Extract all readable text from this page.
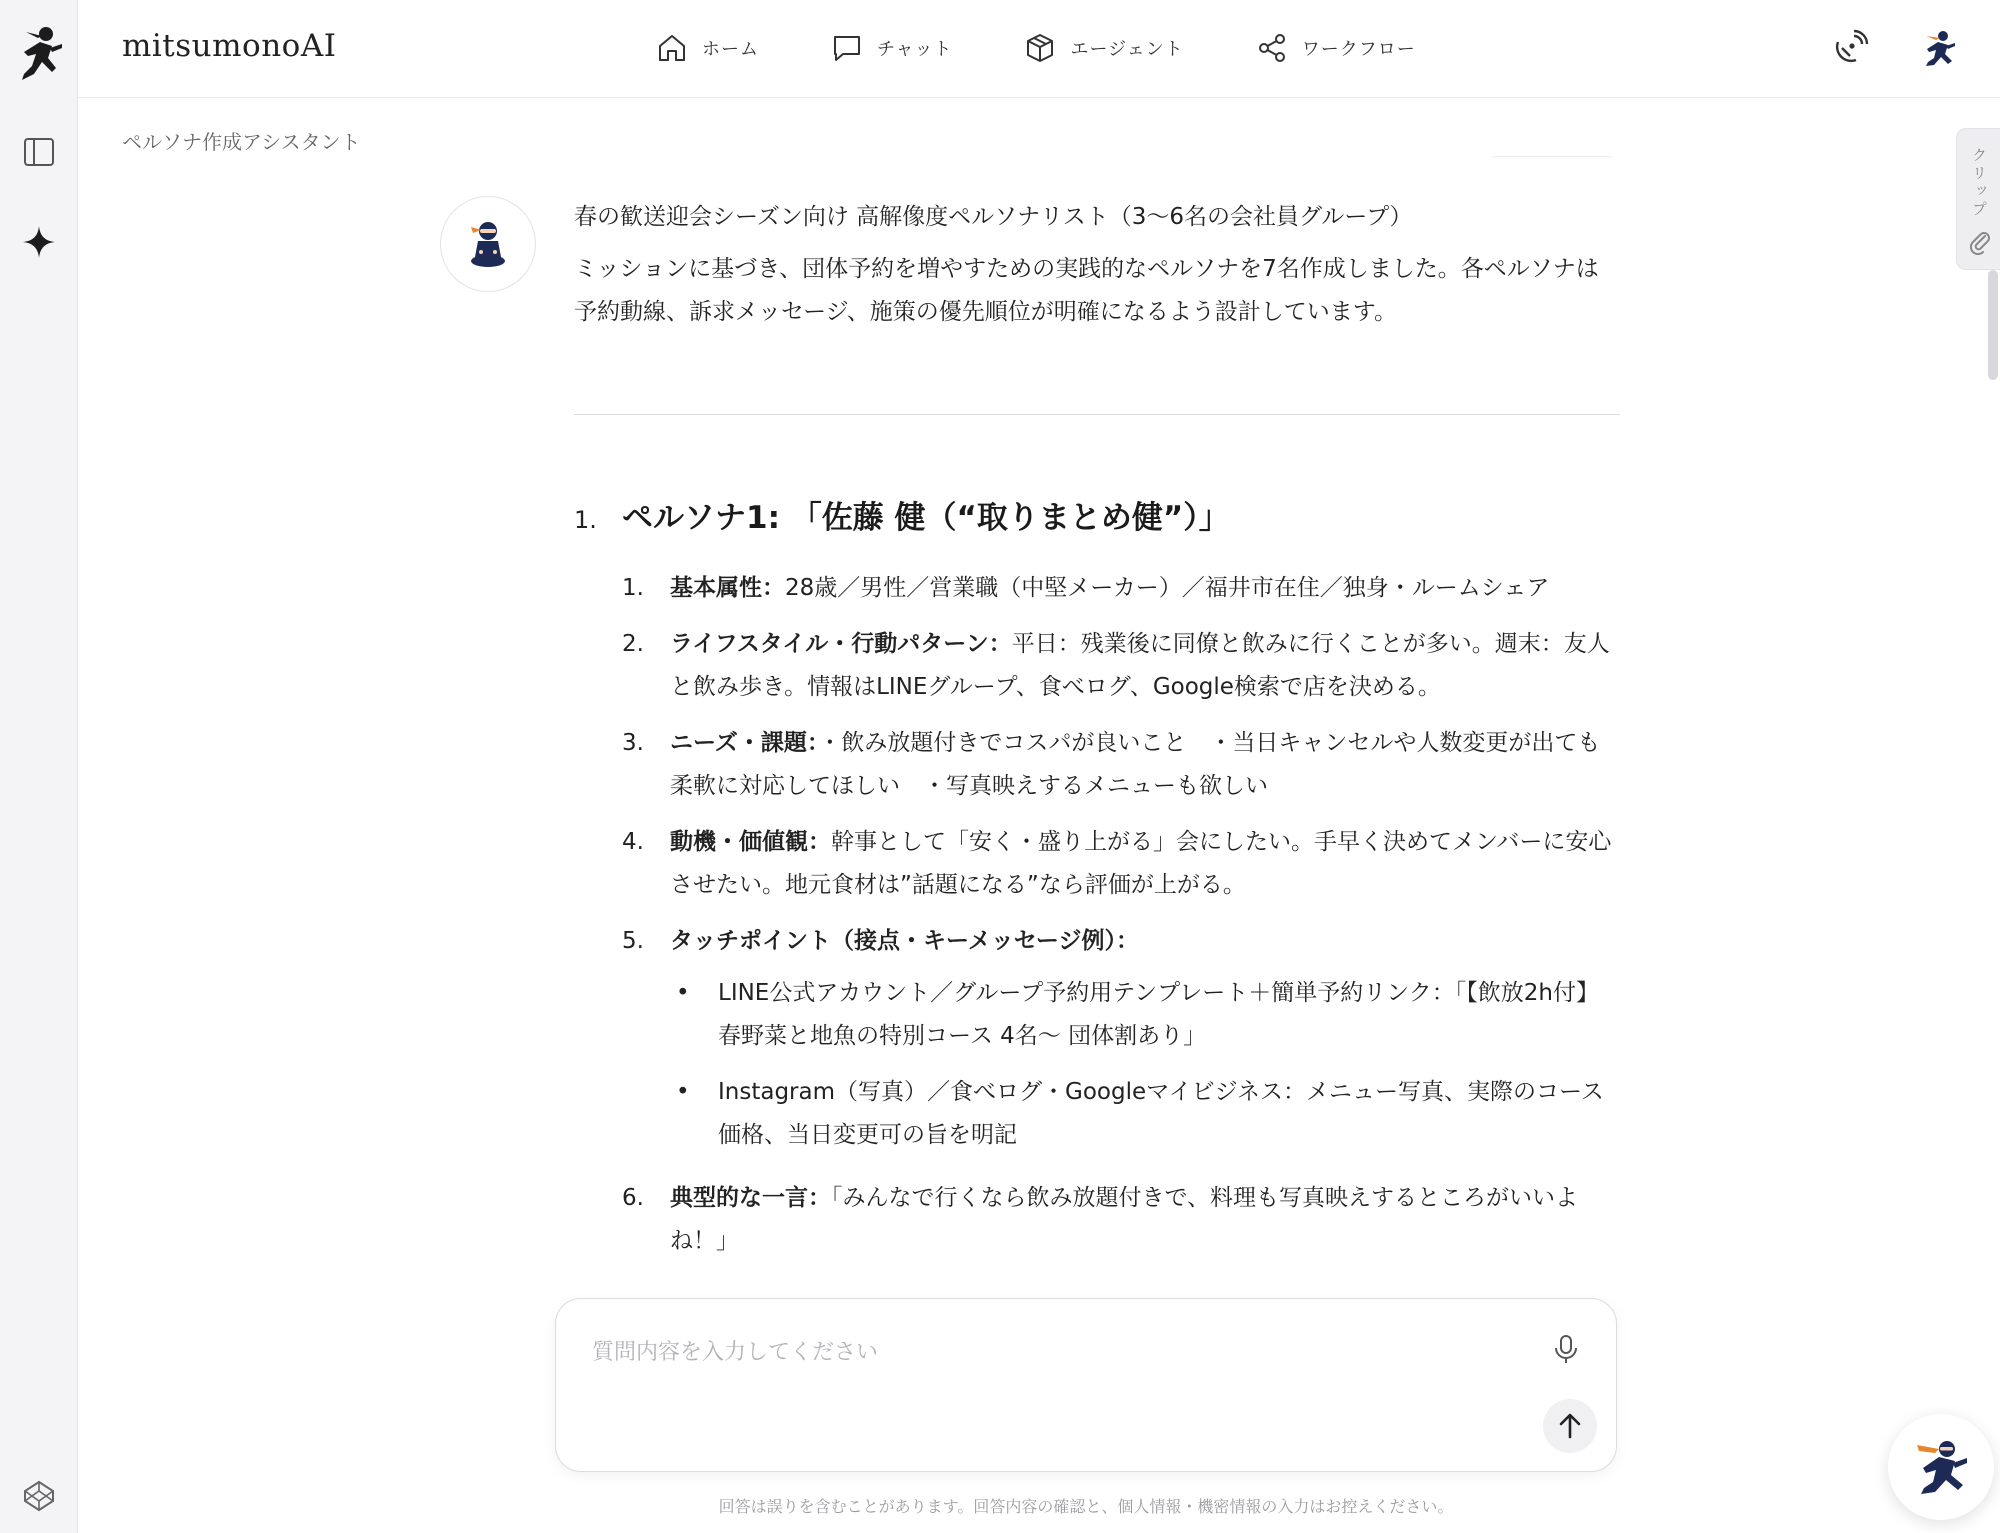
mitsumonoAI	ホーム	チャット	エージェント	ワークフロー
ペルソナ作成アシスタント
クリップ
春の歓送迎会シーズン向け 高解像度ペルソナリスト（3〜6名の会社員グループ）
ミッションに基づき、団体予約を増やすための実践的なペルソナを7名作成しました。各ペルソナは予約動線、訴求メッセージ、施策の優先順位が明確になるよう設計しています。
1. ペルソナ1: 「佐藤 健（“取りまとめ健”）」
1.	基本属性：28歳／男性／営業職（中堅メーカー）／福井市在住／独身・ルームシェア
2.	ライフスタイル・行動パターン：平日：残業後に同僚と飲みに行くことが多い。週末：友人と飲み歩き。情報はLINEグループ、食べログ、Google検索で店を決める。
3.	ニーズ・課題：・飲み放題付きでコスパが良いこと　・当日キャンセルや人数変更が出ても柔軟に対応してほしい　・写真映えするメニューも欲しい
4.	動機・価値観：幹事として「安く・盛り上がる」会にしたい。手早く決めてメンバーに安心させたい。地元食材は”話題になる”なら評価が上がる。
5.	タッチポイント（接点・キーメッセージ例）：
•	LINE公式アカウント／グループ予約用テンプレート＋簡単予約リンク：「【飲放2h付】春野菜と地魚の特別コース 4名〜 団体割あり」
•	Instagram（写真）／食べログ・Googleマイビジネス：メニュー写真、実際のコース価格、当日変更可の旨を明記
6.	典型的な一言：「みんなで行くなら飲み放題付きで、料理も写真映えするところがいいよね！」
質問内容を入力してください
回答は誤りを含むことがあります。回答内容の確認と、個人情報・機密情報の入力はお控えください。
